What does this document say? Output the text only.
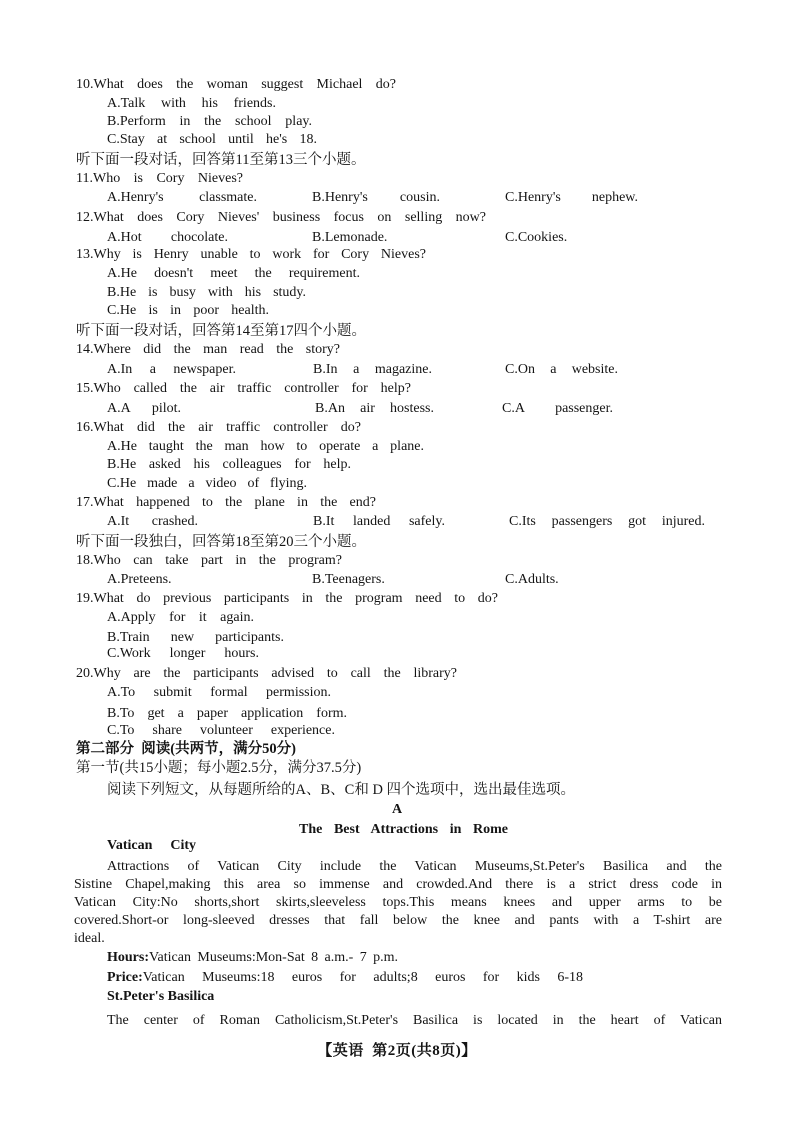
10.What does the woman suggest Michael do?
A.Talk with his friends.
B.Perform in the school play.
C.Stay at school until he's 18.
听下面一段对话，回答第11至第13三个小题。
11.Who is Cory Nieves?
A.Henry's classmate.	B.Henry's cousin.	C.Henry's nephew.
12.What does Cory Nieves' business focus on selling now?
A.Hot chocolate.	B.Lemonade.	C.Cookies.
13.Why is Henry unable to work for Cory Nieves?
A.He doesn't meet the requirement.
B.He is busy with his study.
C.He is in poor health.
听下面一段对话，回答第14至第17四个小题。
14.Where did the man read the story?
A.In a newspaper.	B.In a magazine.	C.On a website.
15.Who called the air traffic controller for help?
A.A pilot.	B.An air hostess.	C.A passenger.
16.What did the air traffic controller do?
A.He taught the man how to operate a plane.
B.He asked his colleagues for help.
C.He made a video of flying.
17.What happened to the plane in the end?
A.It crashed.	B.It landed safely.	C.Its passengers got injured.
听下面一段独白，回答第18至第20三个小题。
18.Who can take part in the program?
A.Preteens.	B.Teenagers.	C.Adults.
19.What do previous participants in the program need to do?
A.Apply for it again.
B.Train new participants.
C.Work longer hours.
20.Why are the participants advised to call the library?
A.To submit formal permission.
B.To get a paper application form.
C.To share volunteer experience.
第二部分  阅读(共两节，满分50分)
第一节(共15小题；每小题2.5分，满分37.5分)
阅读下列短文，从每题所给的A、B、C和 D 四个选项中，选出最佳选项。
A
The Best Attractions in Rome
Vatican City
Attractions of Vatican City include the Vatican Museums,St.Peter's Basilica and the
Sistine Chapel,making this area so immense and crowded.And there is a strict dress code in
Vatican City:No shorts,short skirts,sleeveless tops.This means knees and upper arms to be
covered.Short-or long-sleeved dresses that fall below the knee and pants with a T-shirt are
ideal.
Hours:Vatican Museums:Mon-Sat 8 a.m.- 7 p.m.
Price:Vatican Museums:18 euros for adults;8 euros for kids 6-18
St.Peter's Basilica
The center of Roman Catholicism,St.Peter's Basilica is located in the heart of Vatican
【英语  第2页(共8页)】
